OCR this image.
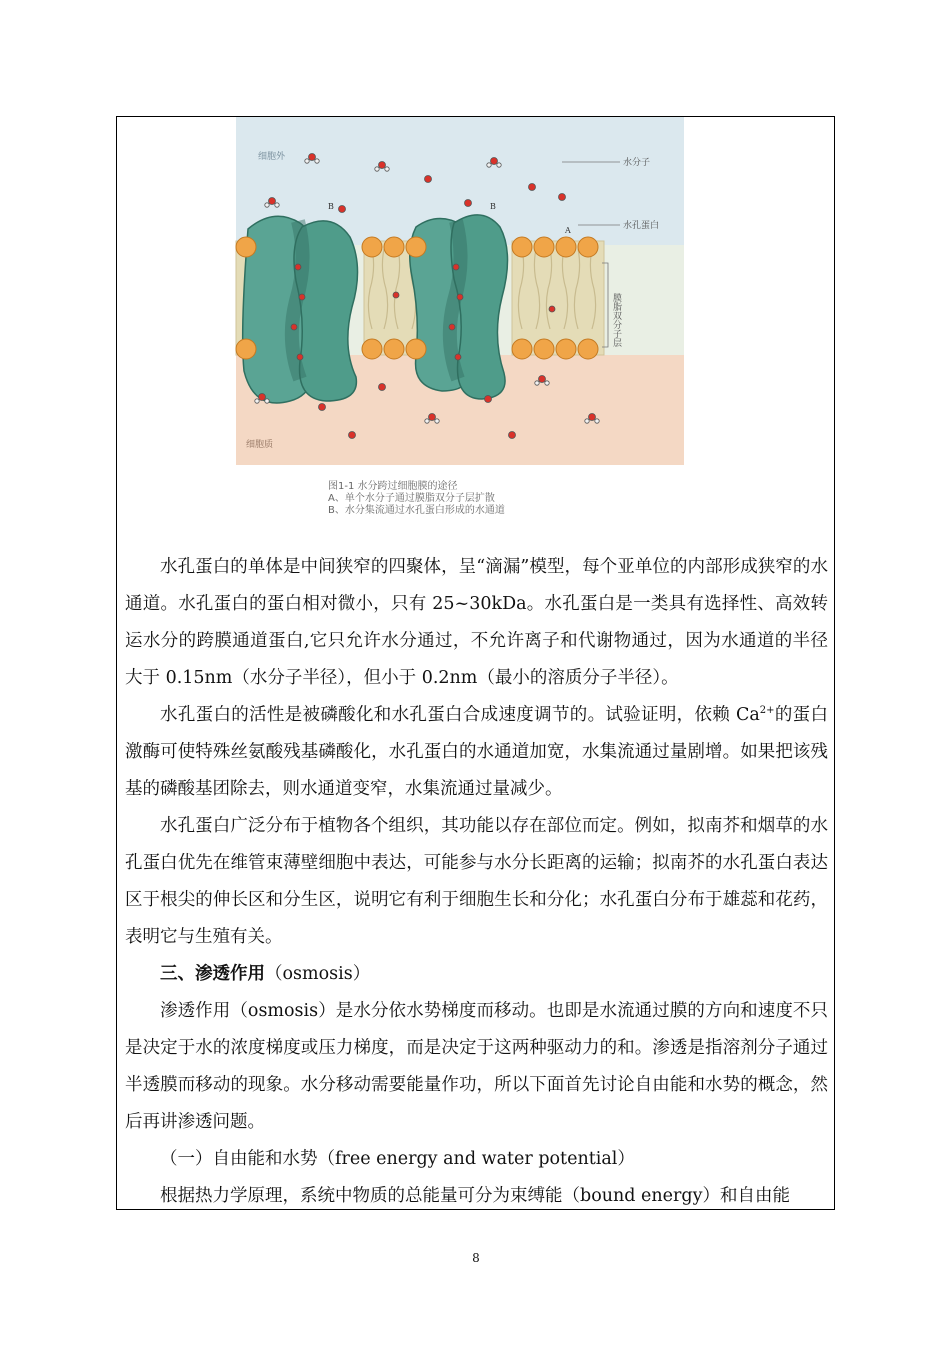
细胞外
细胞质
B	B
A
水分子
水孔蛋白
膜脂双分子层
图1-1 水分跨过细胞膜的途径
A、单个水分子通过膜脂双分子层扩散
B、水分集流通过水孔蛋白形成的水通道

水孔蛋白的单体是中间狭窄的四聚体，呈“滴漏”模型，每个亚单位的内部形成狭窄的水通道。水孔蛋白的蛋白相对微小，只有 25~30kDa。水孔蛋白是一类具有选择性、高效转运水分的跨膜通道蛋白,它只允许水分通过，不允许离子和代谢物通过，因为水通道的半径大于 0.15nm（水分子半径），但小于 0.2nm（最小的溶质分子半径）。

水孔蛋白的活性是被磷酸化和水孔蛋白合成速度调节的。试验证明，依赖 $Ca^{2+}$的蛋白激酶可使特殊丝氨酸残基磷酸化，水孔蛋白的水通道加宽，水集流通过量剧增。如果把该残基的磷酸基团除去，则水通道变窄，水集流通过量减少。

水孔蛋白广泛分布于植物各个组织，其功能以存在部位而定。例如，拟南芥和烟草的水孔蛋白优先在维管束薄壁细胞中表达，可能参与水分长距离的运输；拟南芥的水孔蛋白表达区于根尖的伸长区和分生区，说明它有利于细胞生长和分化；水孔蛋白分布于雄蕊和花药，表明它与生殖有关。

三、渗透作用（osmosis）

渗透作用（osmosis）是水分依水势梯度而移动。也即是水流通过膜的方向和速度不只是决定于水的浓度梯度或压力梯度，而是决定于这两种驱动力的和。渗透是指溶剂分子通过半透膜而移动的现象。水分移动需要能量作功，所以下面首先讨论自由能和水势的概念，然后再讲渗透问题。

（一）自由能和水势（free energy and water potential）

根据热力学原理，系统中物质的总能量可分为束缚能（bound energy）和自由能

8
